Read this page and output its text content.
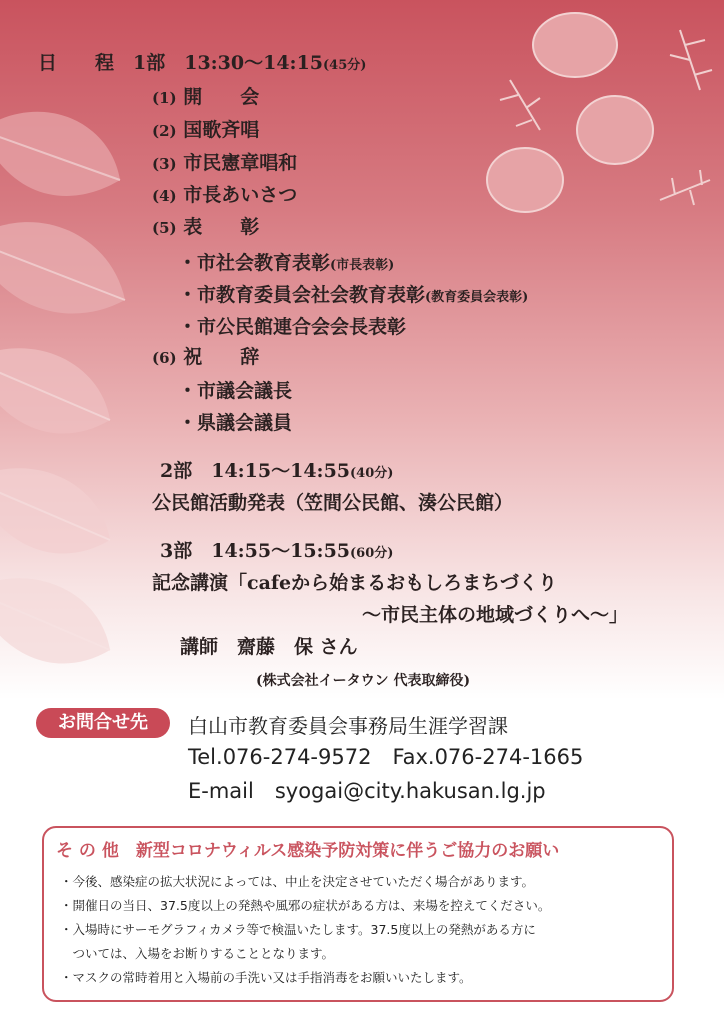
日　　程　1部　13:30〜14:15(45分)
(1) 開　　会
(2) 国歌斉唱
(3) 市民憲章唱和
(4) 市長あいさつ
(5) 表　　彰
・市社会教育表彰(市長表彰)
・市教育委員会社会教育表彰(教育委員会表彰)
・市公民館連合会会長表彰
(6) 祝　　辞
・市議会議長
・県議会議員
2部　14:15〜14:55(40分)
公民館活動発表（笠間公民館、湊公民館）
3部　14:55〜15:55(60分)
記念講演「cafeから始まるおもしろまちづくり
〜市民主体の地域づくりへ〜」
講師　齋藤　保 さん
(株式会社イータウン 代表取締役)
お問合せ先	白山市教育委員会事務局生涯学習課
Tel.076-274-9572　Fax.076-274-1665
E-mail　syogai@city.hakusan.lg.jp
そ の 他　新型コロナウィルス感染予防対策に伴うご協力のお願い
・今後、感染症の拡大状況によっては、中止を決定させていただく場合があります。
・開催日の当日、37.5度以上の発熱や風邪の症状がある方は、来場を控えてください。
・入場時にサーモグラフィカメラ等で検温いたします。37.5度以上の発熱がある方に
　ついては、入場をお断りすることとなります。
・マスクの常時着用と入場前の手洗い又は手指消毒をお願いいたします。
